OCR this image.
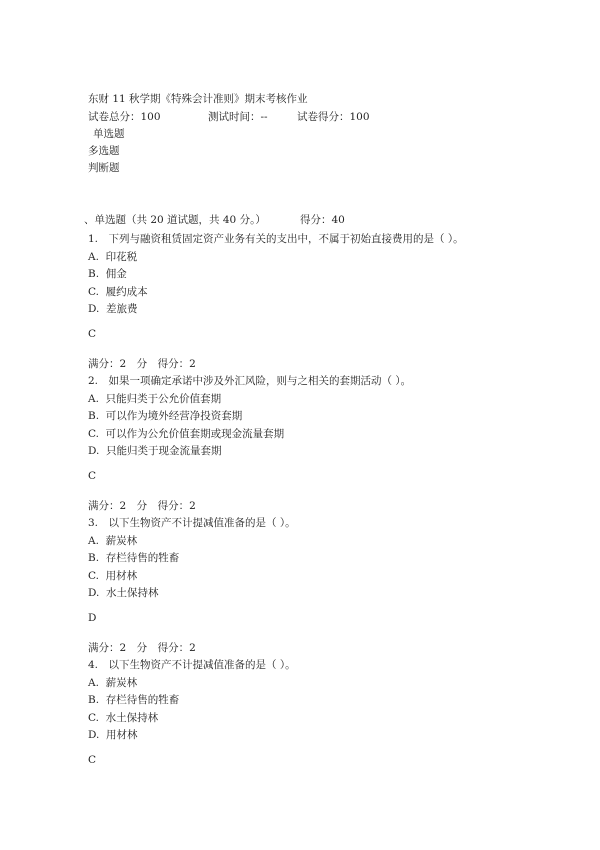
东财 11 秋学期《特殊会计准则》期末考核作业
试卷总分：100	测试时间：--	试卷得分：100
单选题
多选题
判断题
、单选题（共 20 道试题，共 40 分。）	得分：40
1.　下列与融资租赁固定资产业务有关的支出中，不属于初始直接费用的是（ ）。
A.  印花税
B.  佣金
C.  履约成本
D.  差旅费
C
满分：2　分　得分：2
2.　如果一项确定承诺中涉及外汇风险，则与之相关的套期活动（ ）。
A.  只能归类于公允价值套期
B.  可以作为境外经营净投资套期
C.  可以作为公允价值套期或现金流量套期
D.  只能归类于现金流量套期
C
满分：2　分　得分：2
3.　以下生物资产不计提减值准备的是（ ）。
A.  薪炭林
B.  存栏待售的牲畜
C.  用材林
D.  水土保持林
D
满分：2　分　得分：2
4.　以下生物资产不计提减值准备的是（ ）。
A.  薪炭林
B.  存栏待售的牲畜
C.  水土保持林
D.  用材林
C
